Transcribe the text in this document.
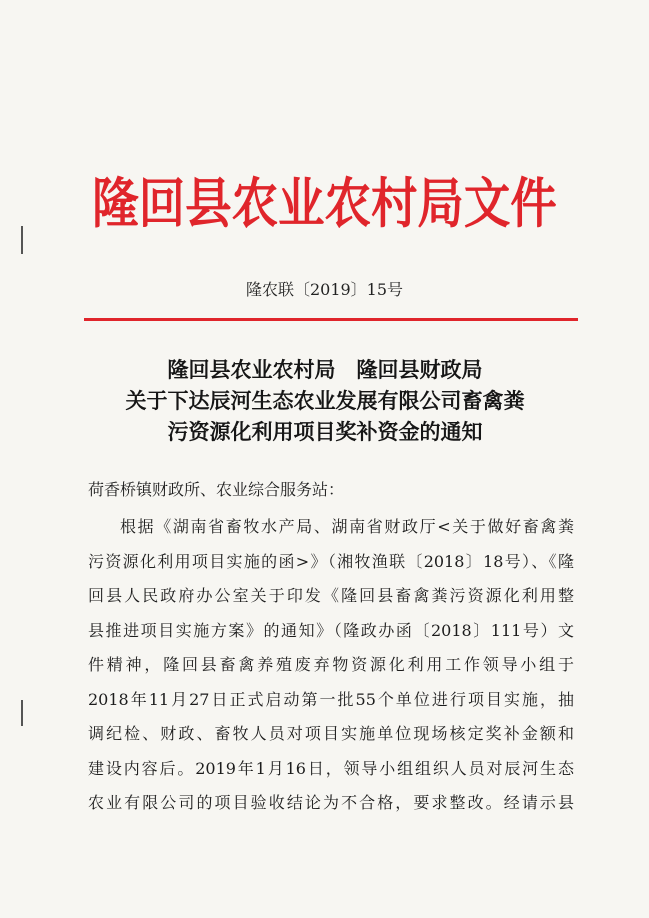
隆回县农业农村局文件
隆农联〔2019〕15号
隆回县农业农村局　隆回县财政局
关于下达辰河生态农业发展有限公司畜禽粪
污资源化利用项目奖补资金的通知
荷香桥镇财政所、农业综合服务站：
根据《湖南省畜牧水产局、湖南省财政厅<关于做好畜禽粪
污资源化利用项目实施的函>》（湘牧渔联〔2018〕18号）、《隆
回县人民政府办公室关于印发《隆回县畜禽粪污资源化利用整
县推进项目实施方案》的通知》（隆政办函〔2018〕111号）文
件精神，隆回县畜禽养殖废弃物资源化利用工作领导小组于
2018年11月27日正式启动第一批55个单位进行项目实施，抽
调纪检、财政、畜牧人员对项目实施单位现场核定奖补金额和
建设内容后。2019年1月16日，领导小组组织人员对辰河生态
农业有限公司的项目验收结论为不合格，要求整改。经请示县
